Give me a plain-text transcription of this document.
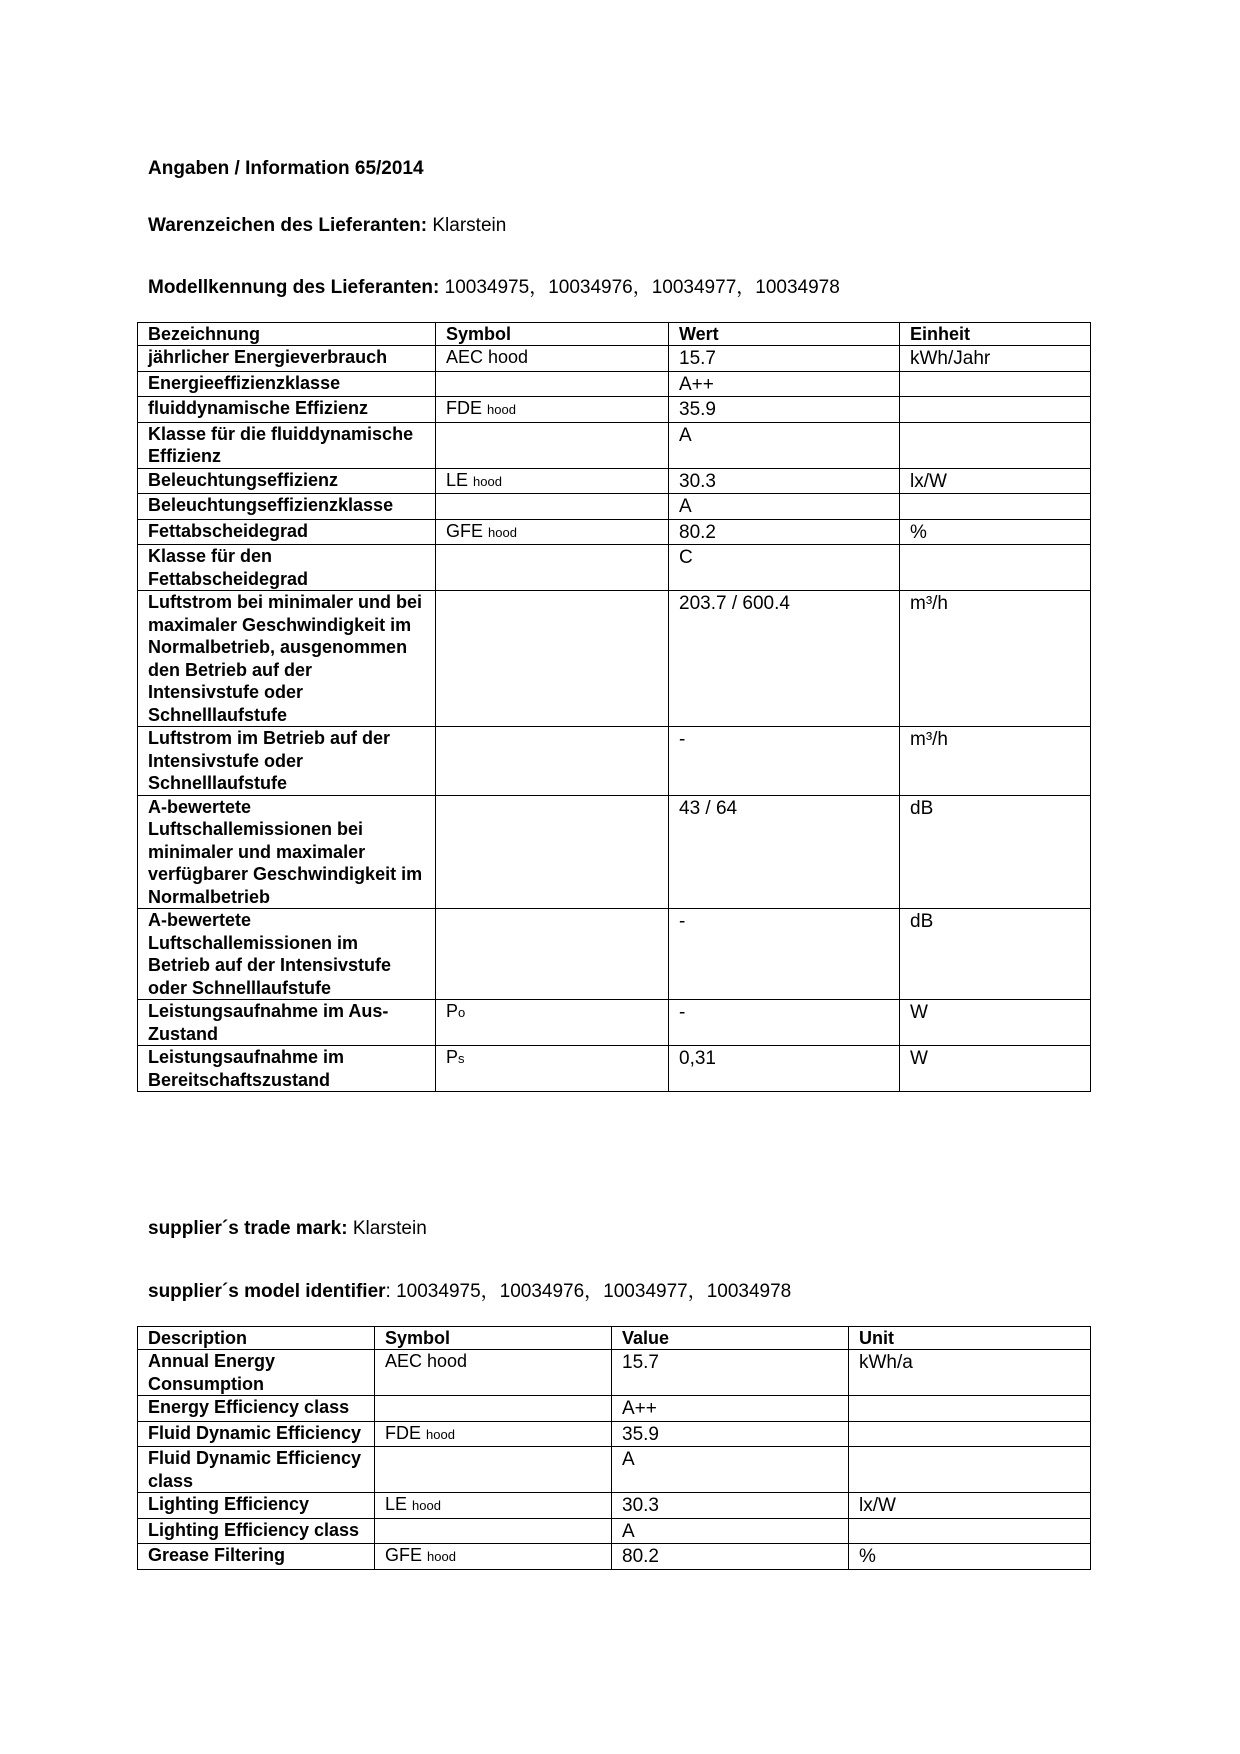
Angaben / Information 65/2014
Warenzeichen des Lieferanten: Klarstein
Modellkennung des Lieferanten: 10034975，10034976，10034977，10034978
Bezeichnung	Symbol	Wert	Einheit
jährlicher Energieverbrauch	AEC hood	15.7	kWh/Jahr
Energieeffizienzklasse		A++	
fluiddynamische Effizienz	FDE hood	35.9	
Klasse für die fluiddynamische Effizienz		A	
Beleuchtungseffizienz	LE hood	30.3	lx/W
Beleuchtungseffizienzklasse		A	
Fettabscheidegrad	GFE hood	80.2	%
Klasse für den Fettabscheidegrad		C	
Luftstrom bei minimaler und bei maximaler Geschwindigkeit im Normalbetrieb, ausgenommen den Betrieb auf der Intensivstufe oder Schnelllaufstufe		203.7 / 600.4	m³/h
Luftstrom im Betrieb auf der Intensivstufe oder Schnelllaufstufe		-	m³/h
A-bewertete Luftschallemissionen bei minimaler und maximaler verfügbarer Geschwindigkeit im Normalbetrieb		43 / 64	dB
A-bewertete Luftschallemissionen im Betrieb auf der Intensivstufe oder Schnelllaufstufe		-	dB
Leistungsaufnahme im Aus-Zustand	Po	-	W
Leistungsaufnahme im Bereitschaftszustand	Ps	0,31	W
supplier´s trade mark: Klarstein
supplier´s model identifier: 10034975，10034976，10034977，10034978
Description	Symbol	Value	Unit
Annual Energy Consumption	AEC hood	15.7	kWh/a
Energy Efficiency class		A++	
Fluid Dynamic Efficiency	FDE hood	35.9	
Fluid Dynamic Efficiency class		A	
Lighting Efficiency	LE hood	30.3	lx/W
Lighting Efficiency class		A	
Grease Filtering	GFE hood	80.2	%
